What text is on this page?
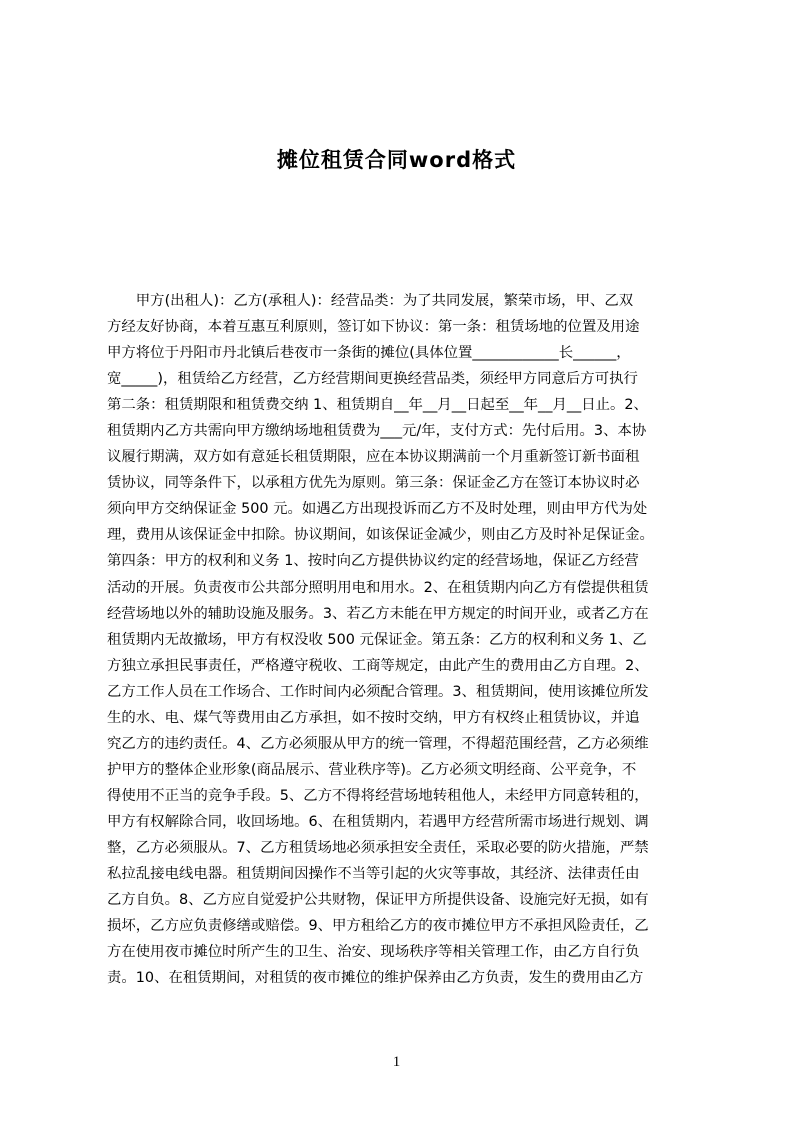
摊位租赁合同word格式
　　甲方(出租人)：乙方(承租人)：经营品类：为了共同发展，繁荣市场，甲、乙双
方经友好协商，本着互惠互利原则，签订如下协议：第一条：租赁场地的位置及用途
甲方将位于丹阳市丹北镇后巷夜市一条街的摊位(具体位置____________长______，
宽_____)，租赁给乙方经营，乙方经营期间更换经营品类，须经甲方同意后方可执行
第二条：租赁期限和租赁费交纳 1、租赁期自__年__月__日起至__年__月__日止。2、
租赁期内乙方共需向甲方缴纳场地租赁费为___元/年，支付方式：先付后用。3、本协
议履行期满，双方如有意延长租赁期限，应在本协议期满前一个月重新签订新书面租
赁协议，同等条件下，以承租方优先为原则。第三条：保证金乙方在签订本协议时必
须向甲方交纳保证金 500 元。如遇乙方出现投诉而乙方不及时处理，则由甲方代为处
理，费用从该保证金中扣除。协议期间，如该保证金减少，则由乙方及时补足保证金。
第四条：甲方的权利和义务 1、按时向乙方提供协议约定的经营场地，保证乙方经营
活动的开展。负责夜市公共部分照明用电和用水。2、在租赁期内向乙方有偿提供租赁
经营场地以外的辅助设施及服务。3、若乙方未能在甲方规定的时间开业，或者乙方在
租赁期内无故撤场，甲方有权没收 500 元保证金。第五条：乙方的权利和义务 1、乙
方独立承担民事责任，严格遵守税收、工商等规定，由此产生的费用由乙方自理。2、
乙方工作人员在工作场合、工作时间内必须配合管理。3、租赁期间，使用该摊位所发
生的水、电、煤气等费用由乙方承担，如不按时交纳，甲方有权终止租赁协议，并追
究乙方的违约责任。4、乙方必须服从甲方的统一管理，不得超范围经营，乙方必须维
护甲方的整体企业形象(商品展示、营业秩序等)。乙方必须文明经商、公平竞争，不
得使用不正当的竞争手段。5、乙方不得将经营场地转租他人，未经甲方同意转租的，
甲方有权解除合同，收回场地。6、在租赁期内，若遇甲方经营所需市场进行规划、调
整，乙方必须服从。7、乙方租赁场地必须承担安全责任，采取必要的防火措施，严禁
私拉乱接电线电器。租赁期间因操作不当等引起的火灾等事故，其经济、法律责任由
乙方自负。8、乙方应自觉爱护公共财物，保证甲方所提供设备、设施完好无损，如有
损坏，乙方应负责修缮或赔偿。9、甲方租给乙方的夜市摊位甲方不承担风险责任，乙
方在使用夜市摊位时所产生的卫生、治安、现场秩序等相关管理工作，由乙方自行负
责。10、在租赁期间，对租赁的夜市摊位的维护保养由乙方负责，发生的费用由乙方
1
